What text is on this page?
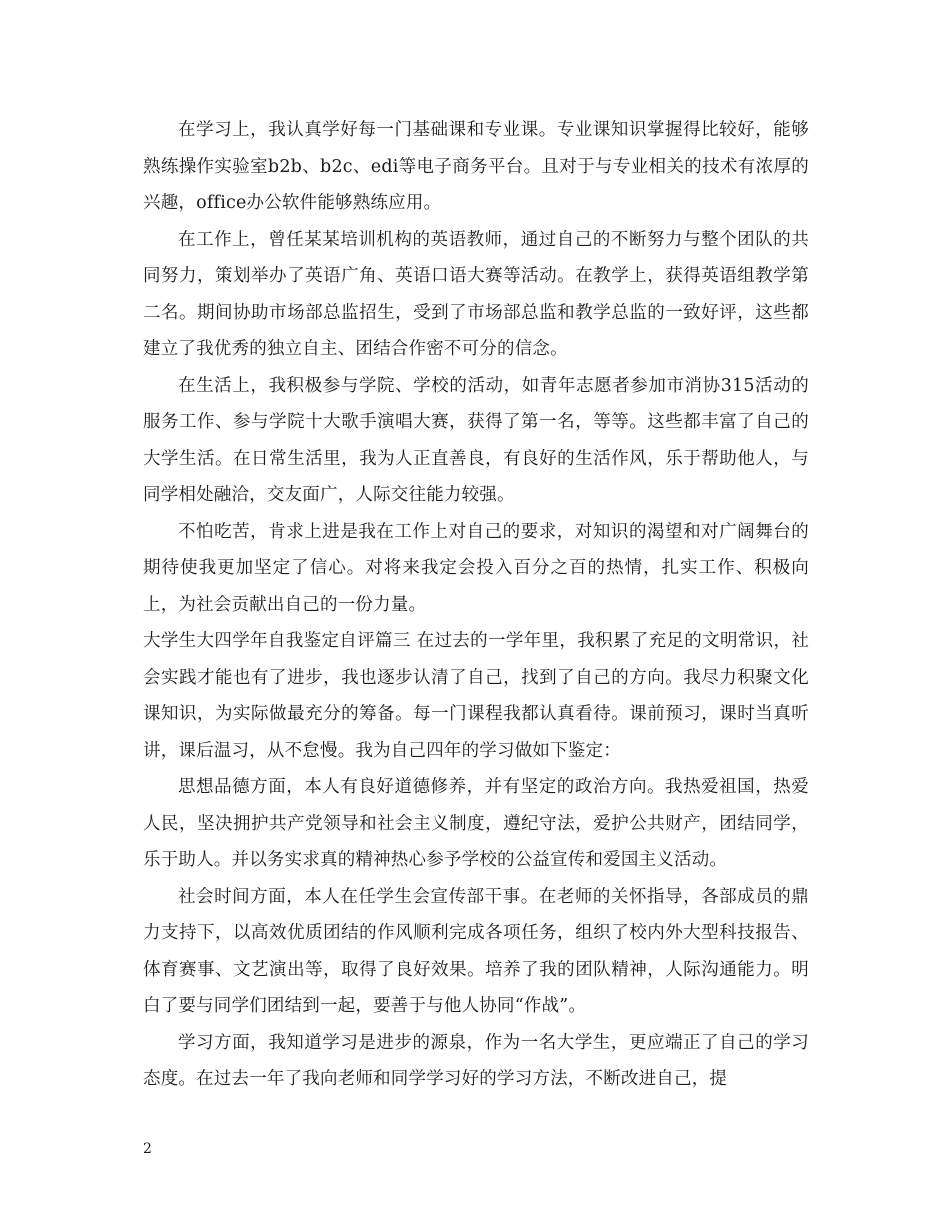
在学习上，我认真学好每一门基础课和专业课。专业课知识掌握得比较好，能够熟练操作实验室b2b、b2c、edi等电子商务平台。且对于与专业相关的技术有浓厚的兴趣，office办公软件能够熟练应用。

在工作上，曾任某某培训机构的英语教师，通过自己的不断努力与整个团队的共同努力，策划举办了英语广角、英语口语大赛等活动。在教学上，获得英语组教学第二名。期间协助市场部总监招生，受到了市场部总监和教学总监的一致好评，这些都建立了我优秀的独立自主、团结合作密不可分的信念。

在生活上，我积极参与学院、学校的活动，如青年志愿者参加市消协315活动的服务工作、参与学院十大歌手演唱大赛，获得了第一名，等等。这些都丰富了自己的大学生活。在日常生活里，我为人正直善良，有良好的生活作风，乐于帮助他人，与同学相处融洽，交友面广，人际交往能力较强。

不怕吃苦，肯求上进是我在工作上对自己的要求，对知识的渴望和对广阔舞台的期待使我更加坚定了信心。对将来我定会投入百分之百的热情，扎实工作、积极向上，为社会贡献出自己的一份力量。

大学生大四学年自我鉴定自评篇三 在过去的一学年里，我积累了充足的文明常识，社会实践才能也有了进步，我也逐步认清了自己，找到了自己的方向。我尽力积聚文化课知识，为实际做最充分的筹备。每一门课程我都认真看待。课前预习，课时当真听讲，课后温习，从不怠慢。我为自己四年的学习做如下鉴定：

思想品德方面，本人有良好道德修养，并有坚定的政治方向。我热爱祖国，热爱人民，坚决拥护共产党领导和社会主义制度，遵纪守法，爱护公共财产，团结同学，乐于助人。并以务实求真的精神热心参予学校的公益宣传和爱国主义活动。

社会时间方面，本人在任学生会宣传部干事。在老师的关怀指导，各部成员的鼎力支持下，以高效优质团结的作风顺利完成各项任务，组织了校内外大型科技报告、体育赛事、文艺演出等，取得了良好效果。培养了我的团队精神，人际沟通能力。明白了要与同学们团结到一起，要善于与他人协同“作战”。

学习方面，我知道学习是进步的源泉，作为一名大学生，更应端正了自己的学习态度。在过去一年了我向老师和同学学习好的学习方法，不断改进自己，提

2
